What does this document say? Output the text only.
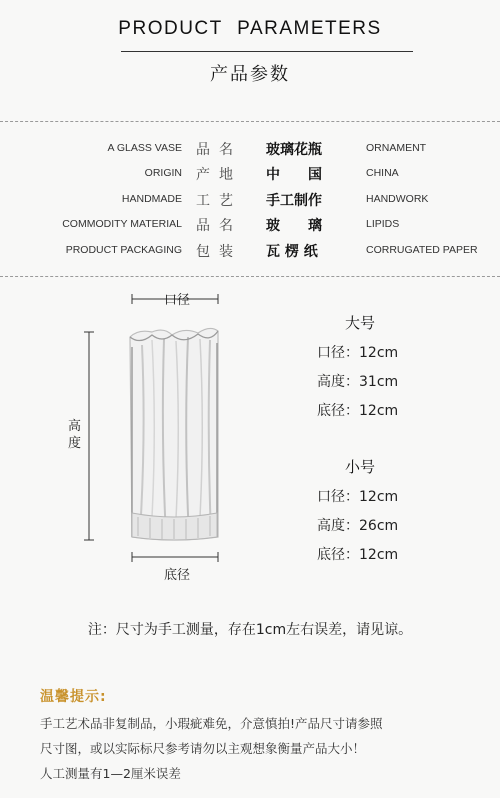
PRODUCT PARAMETERS
产品参数
A GLASS VASE 品名 玻璃花瓶	ORNAMENT
ORIGIN 产地 中　　国	CHINA
HANDMADE 工艺 手工制作	HANDWORK
COMMODITY MATERIAL 品名 玻　　璃	LIPIDS
PRODUCT PACKAGING 包装 瓦 楞 纸	CORRUGATED PAPER
口径
底径
高度
大号
口径：12cm
高度：31cm
底径：12cm
小号
口径：12cm
高度：26cm
底径：12cm
注：尺寸为手工测量，存在1cm左右误差，请见谅。
温馨提示:
手工艺术品非复制品，小瑕疵难免，介意慎拍!产品尺寸请参照
尺寸图，或以实际标尺参考请勿以主观想象衡量产品大小！
人工测量有1—2厘米误差
